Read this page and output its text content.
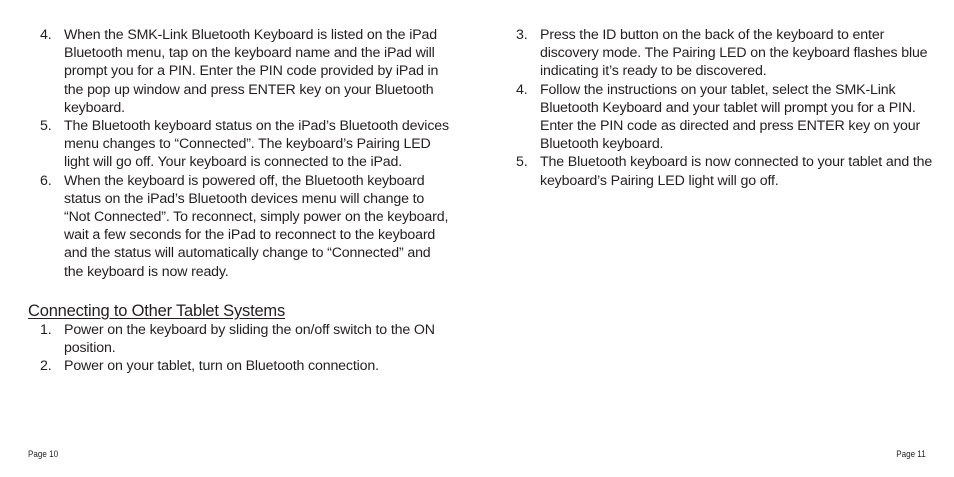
4. When the SMK-Link Bluetooth Keyboard is listed on the iPad Bluetooth menu, tap on the keyboard name and the iPad will prompt you for a PIN. Enter the PIN code provided by iPad in the pop up window and press ENTER key on your Bluetooth keyboard.
5. The Bluetooth keyboard status on the iPad’s Bluetooth devices menu changes to “Connected”. The keyboard’s Pairing LED light will go off. Your keyboard is connected to the iPad.
6. When the keyboard is powered off, the Bluetooth keyboard status on the iPad’s Bluetooth devices menu will change to “Not Connected”. To reconnect, simply power on the keyboard, wait a few seconds for the iPad to reconnect to the keyboard and the status will automatically change to “Connected” and the keyboard is now ready.
Connecting to Other Tablet Systems
1. Power on the keyboard by sliding the on/off switch to the ON position.
2. Power on your tablet, turn on Bluetooth connection.
Page 10
3. Press the ID button on the back of the keyboard to enter discovery mode. The Pairing LED on the keyboard flashes blue indicating it’s ready to be discovered.
4. Follow the instructions on your tablet, select the SMK-Link Bluetooth Keyboard and your tablet will prompt you for a PIN. Enter the PIN code as directed and press ENTER key on your Bluetooth keyboard.
5. The Bluetooth keyboard is now connected to your tablet and the keyboard’s Pairing LED light will go off.
Page 11
